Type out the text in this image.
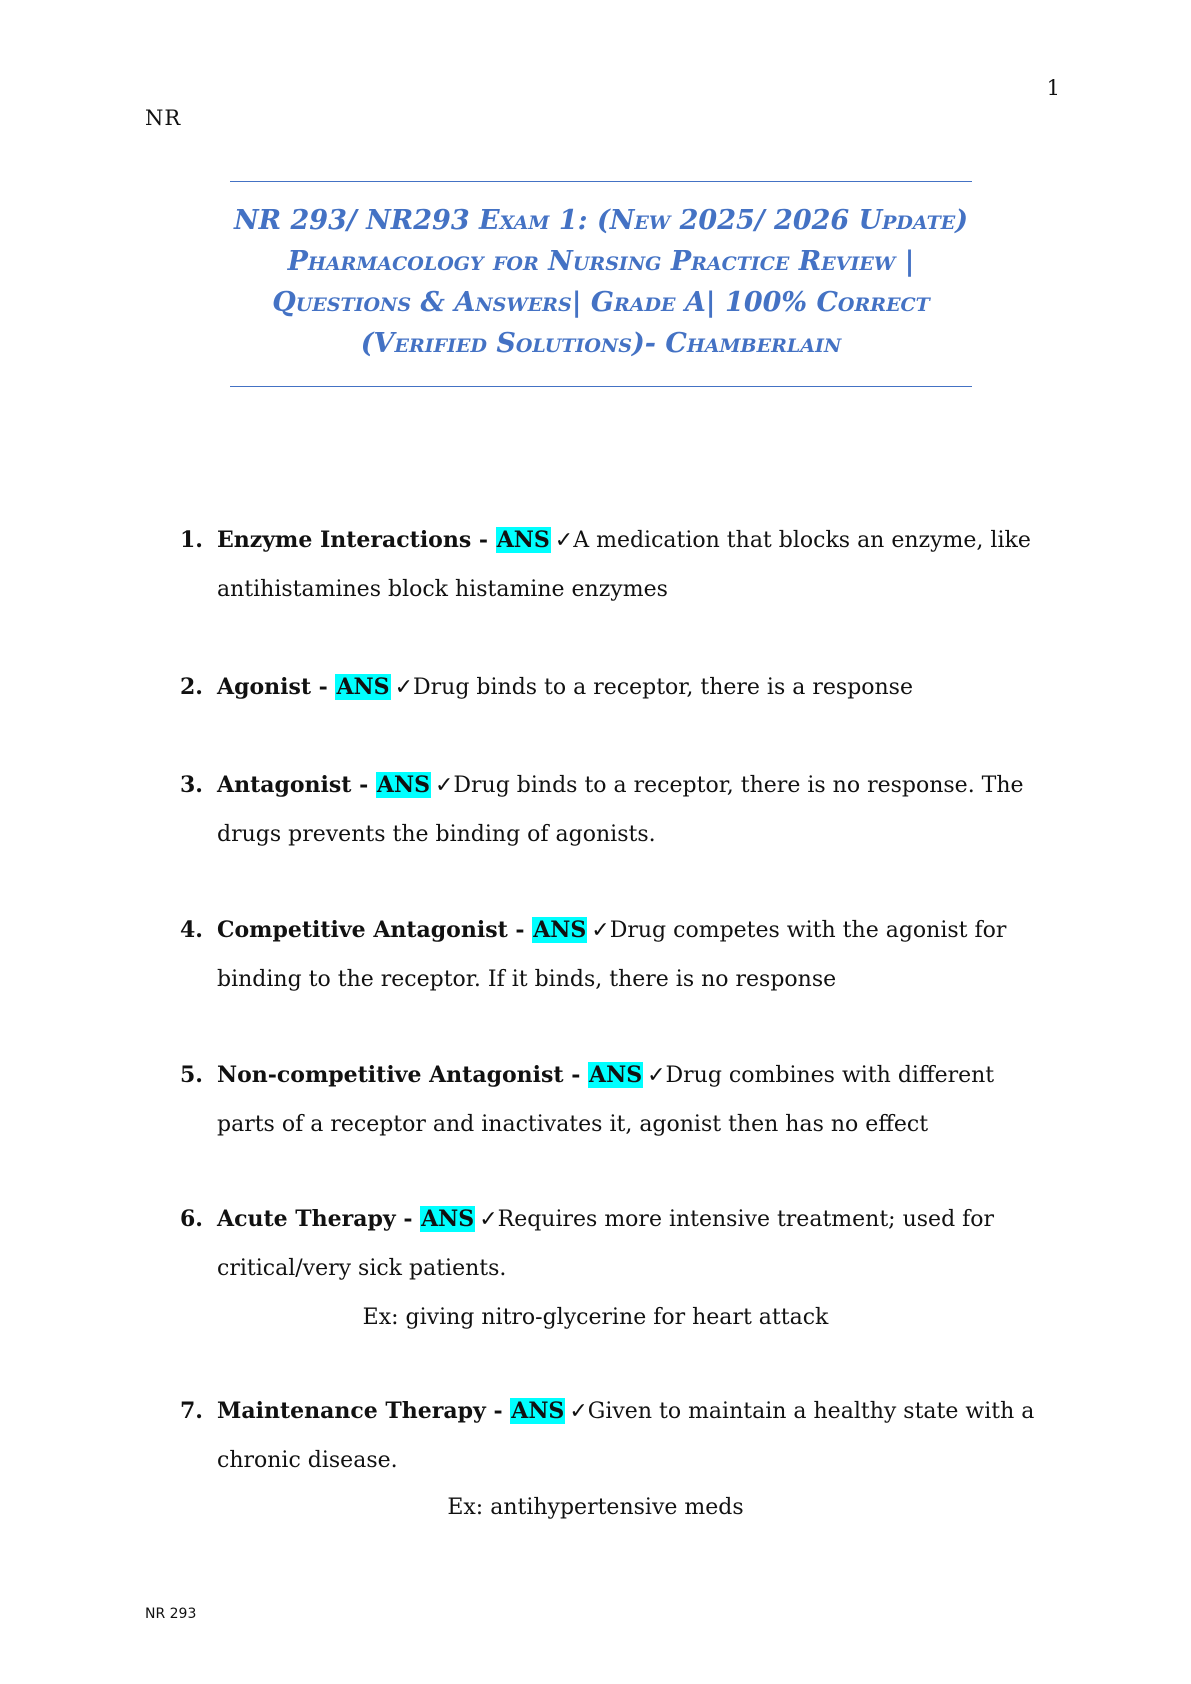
1
NR
NR 293/ NR293 Exam 1: (New 2025/ 2026 Update)
Pharmacology for Nursing Practice Review |
Questions & Answers| Grade A| 100% Correct
(Verified Solutions)- Chamberlain
1. Enzyme Interactions - ANS ✓A medication that blocks an enzyme, like antihistamines block histamine enzymes
2. Agonist - ANS ✓Drug binds to a receptor, there is a response
3. Antagonist - ANS ✓Drug binds to a receptor, there is no response. The drugs prevents the binding of agonists.
4. Competitive Antagonist - ANS ✓Drug competes with the agonist for binding to the receptor. If it binds, there is no response
5. Non-competitive Antagonist - ANS ✓Drug combines with different parts of a receptor and inactivates it, agonist then has no effect
6. Acute Therapy - ANS ✓Requires more intensive treatment; used for critical/very sick patients.
Ex: giving nitro-glycerine for heart attack
7. Maintenance Therapy - ANS ✓Given to maintain a healthy state with a chronic disease.
Ex: antihypertensive meds
NR 293
